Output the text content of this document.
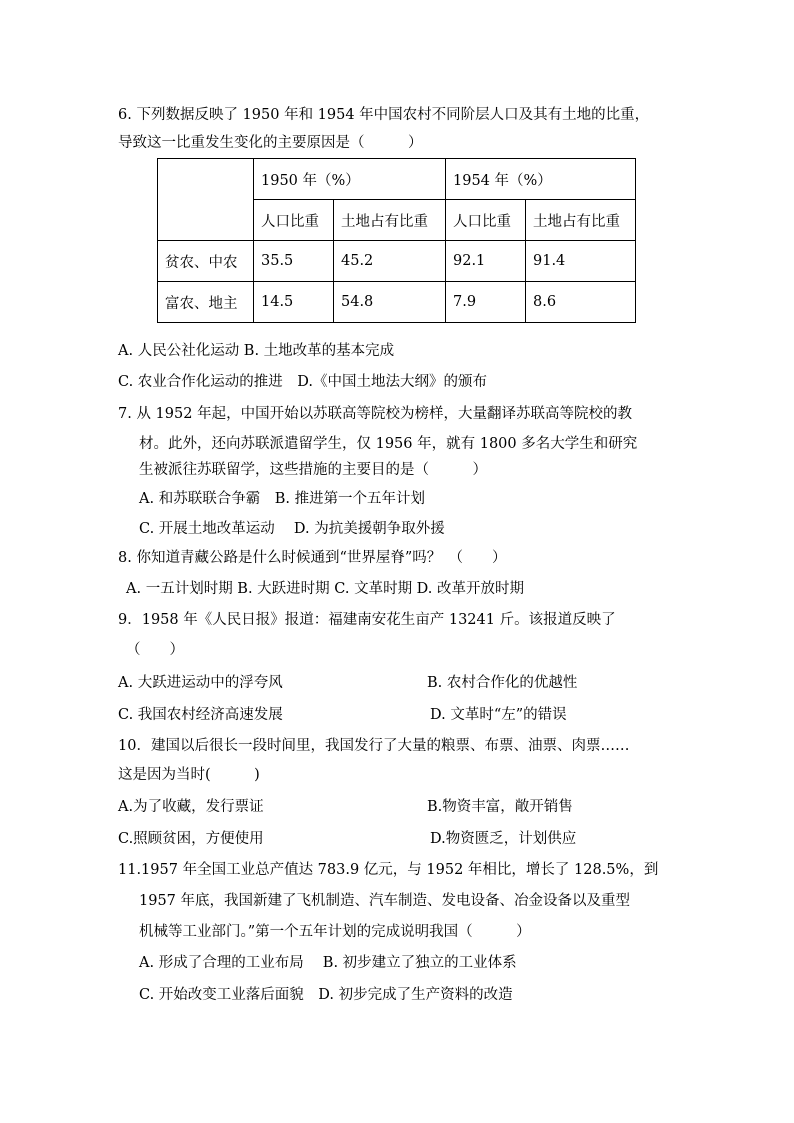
6. 下列数据反映了 1950 年和 1954 年中国农村不同阶层人口及其有土地的比重，
导致这一比重发生变化的主要原因是（　　　）
	1950 年（%）		1954 年（%）	
	人口比重	土地占有比重	人口比重	土地占有比重
贫农、中农	35.5	45.2	92.1	91.4
富农、地主	14.5	54.8	7.9	8.6
A. 人民公社化运动 B. 土地改革的基本完成
C. 农业合作化运动的推进　D.《中国土地法大纲》的颁布
7. 从 1952 年起，中国开始以苏联高等院校为榜样，大量翻译苏联高等院校的教
材。此外，还向苏联派遣留学生，仅 1956 年，就有 1800 多名大学生和研究
生被派往苏联留学，这些措施的主要目的是（　　　）
A. 和苏联联合争霸　B. 推进第一个五年计划
C. 开展土地改革运动　 D. 为抗美援朝争取外援
8. 你知道青藏公路是什么时候通到“世界屋脊”吗？　（　　）
A. 一五计划时期 B. 大跃进时期 C. 文革时期 D. 改革开放时期
9．1958 年《人民日报》报道：福建南安花生亩产 13241 斤。该报道反映了
（　　）
A. 大跃进运动中的浮夸风	B. 农村合作化的优越性
C. 我国农村经济高速发展	D. 文革时“左”的错误
10．建国以后很长一段时间里，我国发行了大量的粮票、布票、油票、肉票……
这是因为当时(　　　)
A.为了收藏，发行票证	B.物资丰富，敞开销售
C.照顾贫困，方便使用	D.物资匮乏，计划供应
11.1957 年全国工业总产值达 783.9 亿元，与 1952 年相比，增长了 128.5%，到
1957 年底，我国新建了飞机制造、汽车制造、发电设备、冶金设备以及重型
机械等工业部门。”第一个五年计划的完成说明我国（　　　）
A. 形成了合理的工业布局　 B. 初步建立了独立的工业体系
C. 开始改变工业落后面貌　D. 初步完成了生产资料的改造
